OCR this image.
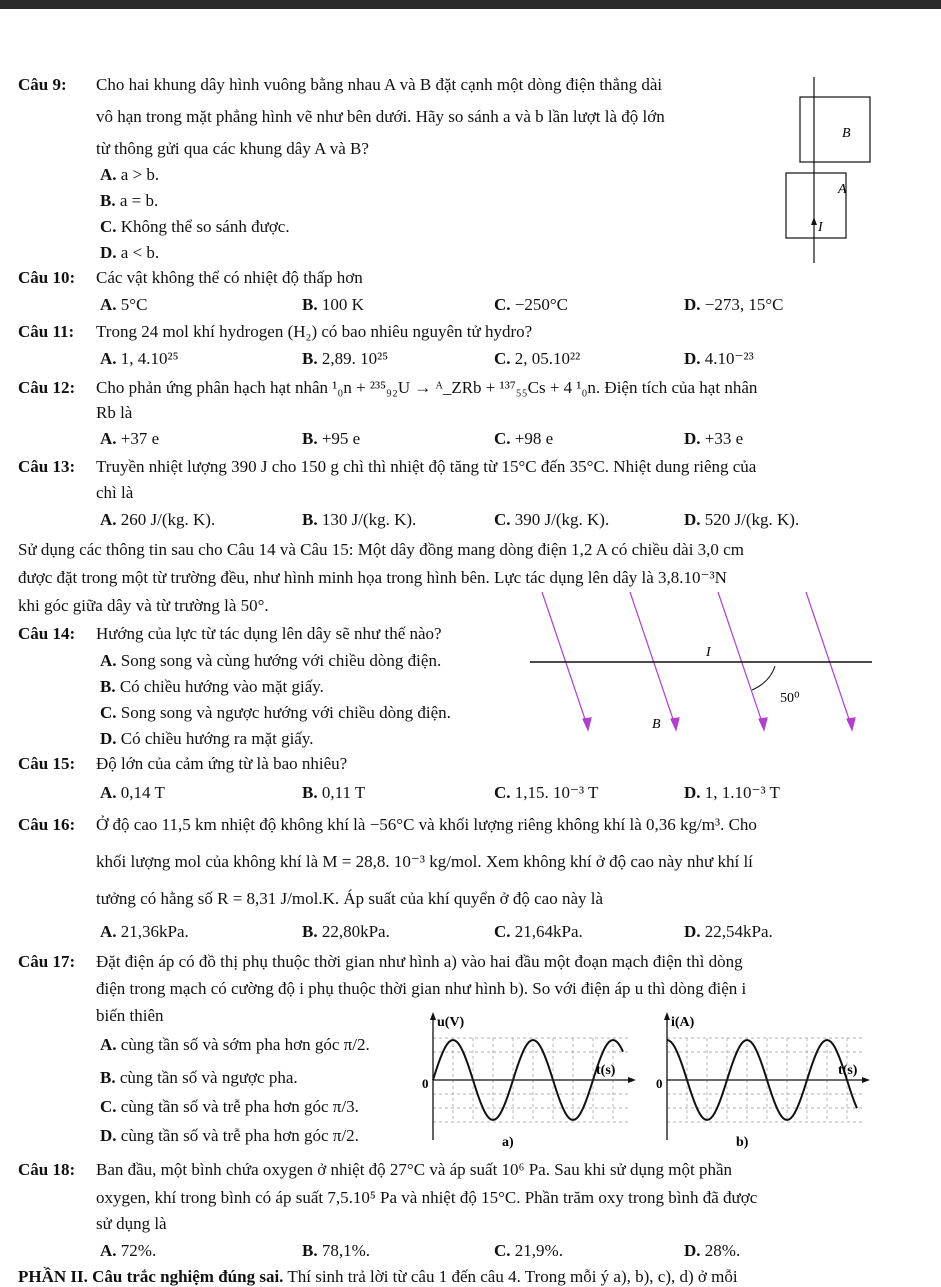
Câu 9: Cho hai khung dây hình vuông bằng nhau A và B đặt cạnh một dòng điện thẳng dài
vô hạn trong mặt phẳng hình vẽ như bên dưới. Hãy so sánh a và b lần lượt là độ lớn
từ thông gửi qua các khung dây A và B?
A. a > b.
B. a = b.
C. Không thể so sánh được.
D. a < b.
B
A
I
Câu 10: Các vật không thể có nhiệt độ thấp hơn
A. 5°C	B. 100 K	C. −250°C	D. −273, 15°C
Câu 11: Trong 24 mol khí hydrogen (H₂) có bao nhiêu nguyên tử hydro?
A. 1, 4.10²⁵	B. 2,89. 10²⁵	C. 2, 05.10²²	D. 4.10⁻²³
Câu 12: Cho phản ứng phân hạch hạt nhân ¹₀n + ²³⁵₉₂U → ᴬ_ZRb + ¹³⁷₅₅Cs + 4 ¹₀n. Điện tích của hạt nhân
Rb là
A. +37 e	B. +95 e	C. +98 e	D. +33 e
Câu 13: Truyền nhiệt lượng 390 J cho 150 g chì thì nhiệt độ tăng từ 15°C đến 35°C. Nhiệt dung riêng của
chì là
A. 260 J/(kg. K).	B. 130 J/(kg. K).	C. 390 J/(kg. K).	D. 520 J/(kg. K).
Sử dụng các thông tin sau cho Câu 14 và Câu 15: Một dây đồng mang dòng điện 1,2 A có chiều dài 3,0 cm
được đặt trong một từ trường đều, như hình minh họa trong hình bên. Lực tác dụng lên dây là 3,8.10⁻³N
khi góc giữa dây và từ trường là 50°.
Câu 14: Hướng của lực từ tác dụng lên dây sẽ như thế nào?
A. Song song và cùng hướng với chiều dòng điện.
B. Có chiều hướng vào mặt giấy.
C. Song song và ngược hướng với chiều dòng điện.
D. Có chiều hướng ra mặt giấy.
I
50⁰
B⃗
Câu 15: Độ lớn của cảm ứng từ là bao nhiêu?
A. 0,14 T	B. 0,11 T	C. 1,15. 10⁻³ T	D. 1, 1.10⁻³ T
Câu 16: Ở độ cao 11,5 km nhiệt độ không khí là −56°C và khối lượng riêng không khí là 0,36 kg/m³. Cho
khối lượng mol của không khí là M = 28,8. 10⁻³ kg/mol. Xem không khí ở độ cao này như khí lí
tưởng có hằng số R = 8,31 J/mol.K. Áp suất của khí quyển ở độ cao này là
A. 21,36kPa.	B. 22,80kPa.	C. 21,64kPa.	D. 22,54kPa.
Câu 17: Đặt điện áp có đồ thị phụ thuộc thời gian như hình a) vào hai đầu một đoạn mạch điện thì dòng
điện trong mạch có cường độ i phụ thuộc thời gian như hình b). So với điện áp u thì dòng điện i
biến thiên
A. cùng tần số và sớm pha hơn góc π/2.
B. cùng tần số và ngược pha.
C. cùng tần số và trễ pha hơn góc π/3.
D. cùng tần số và trễ pha hơn góc π/2.
u(V)
t(s)
0
a)
i(A)
t(s)
0
b)
Câu 18: Ban đầu, một bình chứa oxygen ở nhiệt độ 27°C và áp suất 10⁶ Pa. Sau khi sử dụng một phần
oxygen, khí trong bình có áp suất 7,5.10⁵ Pa và nhiệt độ 15°C. Phần trăm oxy trong bình đã được
sử dụng là
A. 72%.	B. 78,1%.	C. 21,9%.	D. 28%.
PHẦN II. Câu trắc nghiệm đúng sai. Thí sinh trả lời từ câu 1 đến câu 4. Trong mỗi ý a), b), c), d) ở mỗi
